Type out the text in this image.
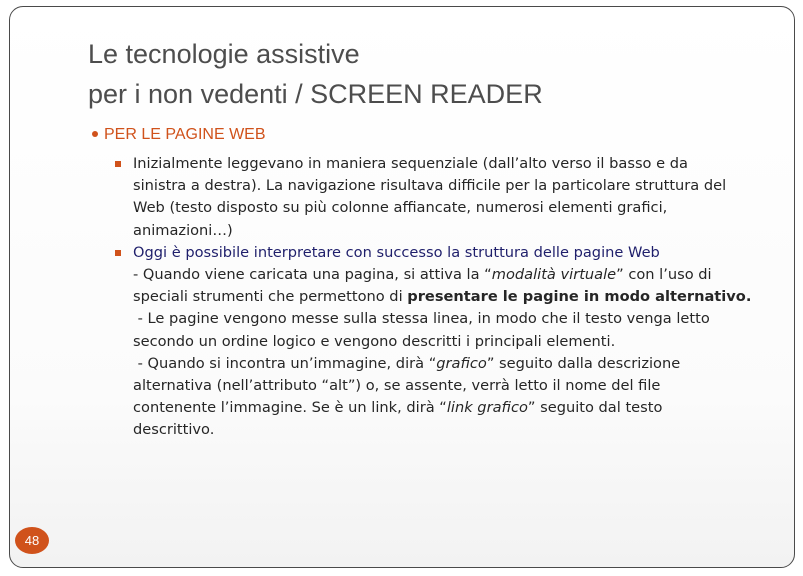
Le tecnologie assistive
per i non vedenti / SCREEN READER
PER LE PAGINE WEB
Inizialmente leggevano in maniera sequenziale (dall’alto verso il basso e da
sinistra a destra). La navigazione risultava difficile per la particolare struttura del
Web (testo disposto su più colonne affiancate, numerosi elementi grafici,
animazioni…)
Oggi è possibile interpretare con successo la struttura delle pagine Web
- Quando viene caricata una pagina, si attiva la “modalità virtuale” con l’uso di
speciali strumenti che permettono di presentare le pagine in modo alternativo.
- Le pagine vengono messe sulla stessa linea, in modo che il testo venga letto
secondo un ordine logico e vengono descritti i principali elementi.
- Quando si incontra un’immagine, dirà “grafico” seguito dalla descrizione
alternativa (nell’attributo “alt”) o, se assente, verrà letto il nome del file
contenente l’immagine. Se è un link, dirà “link grafico” seguito dal testo
descrittivo.
48
